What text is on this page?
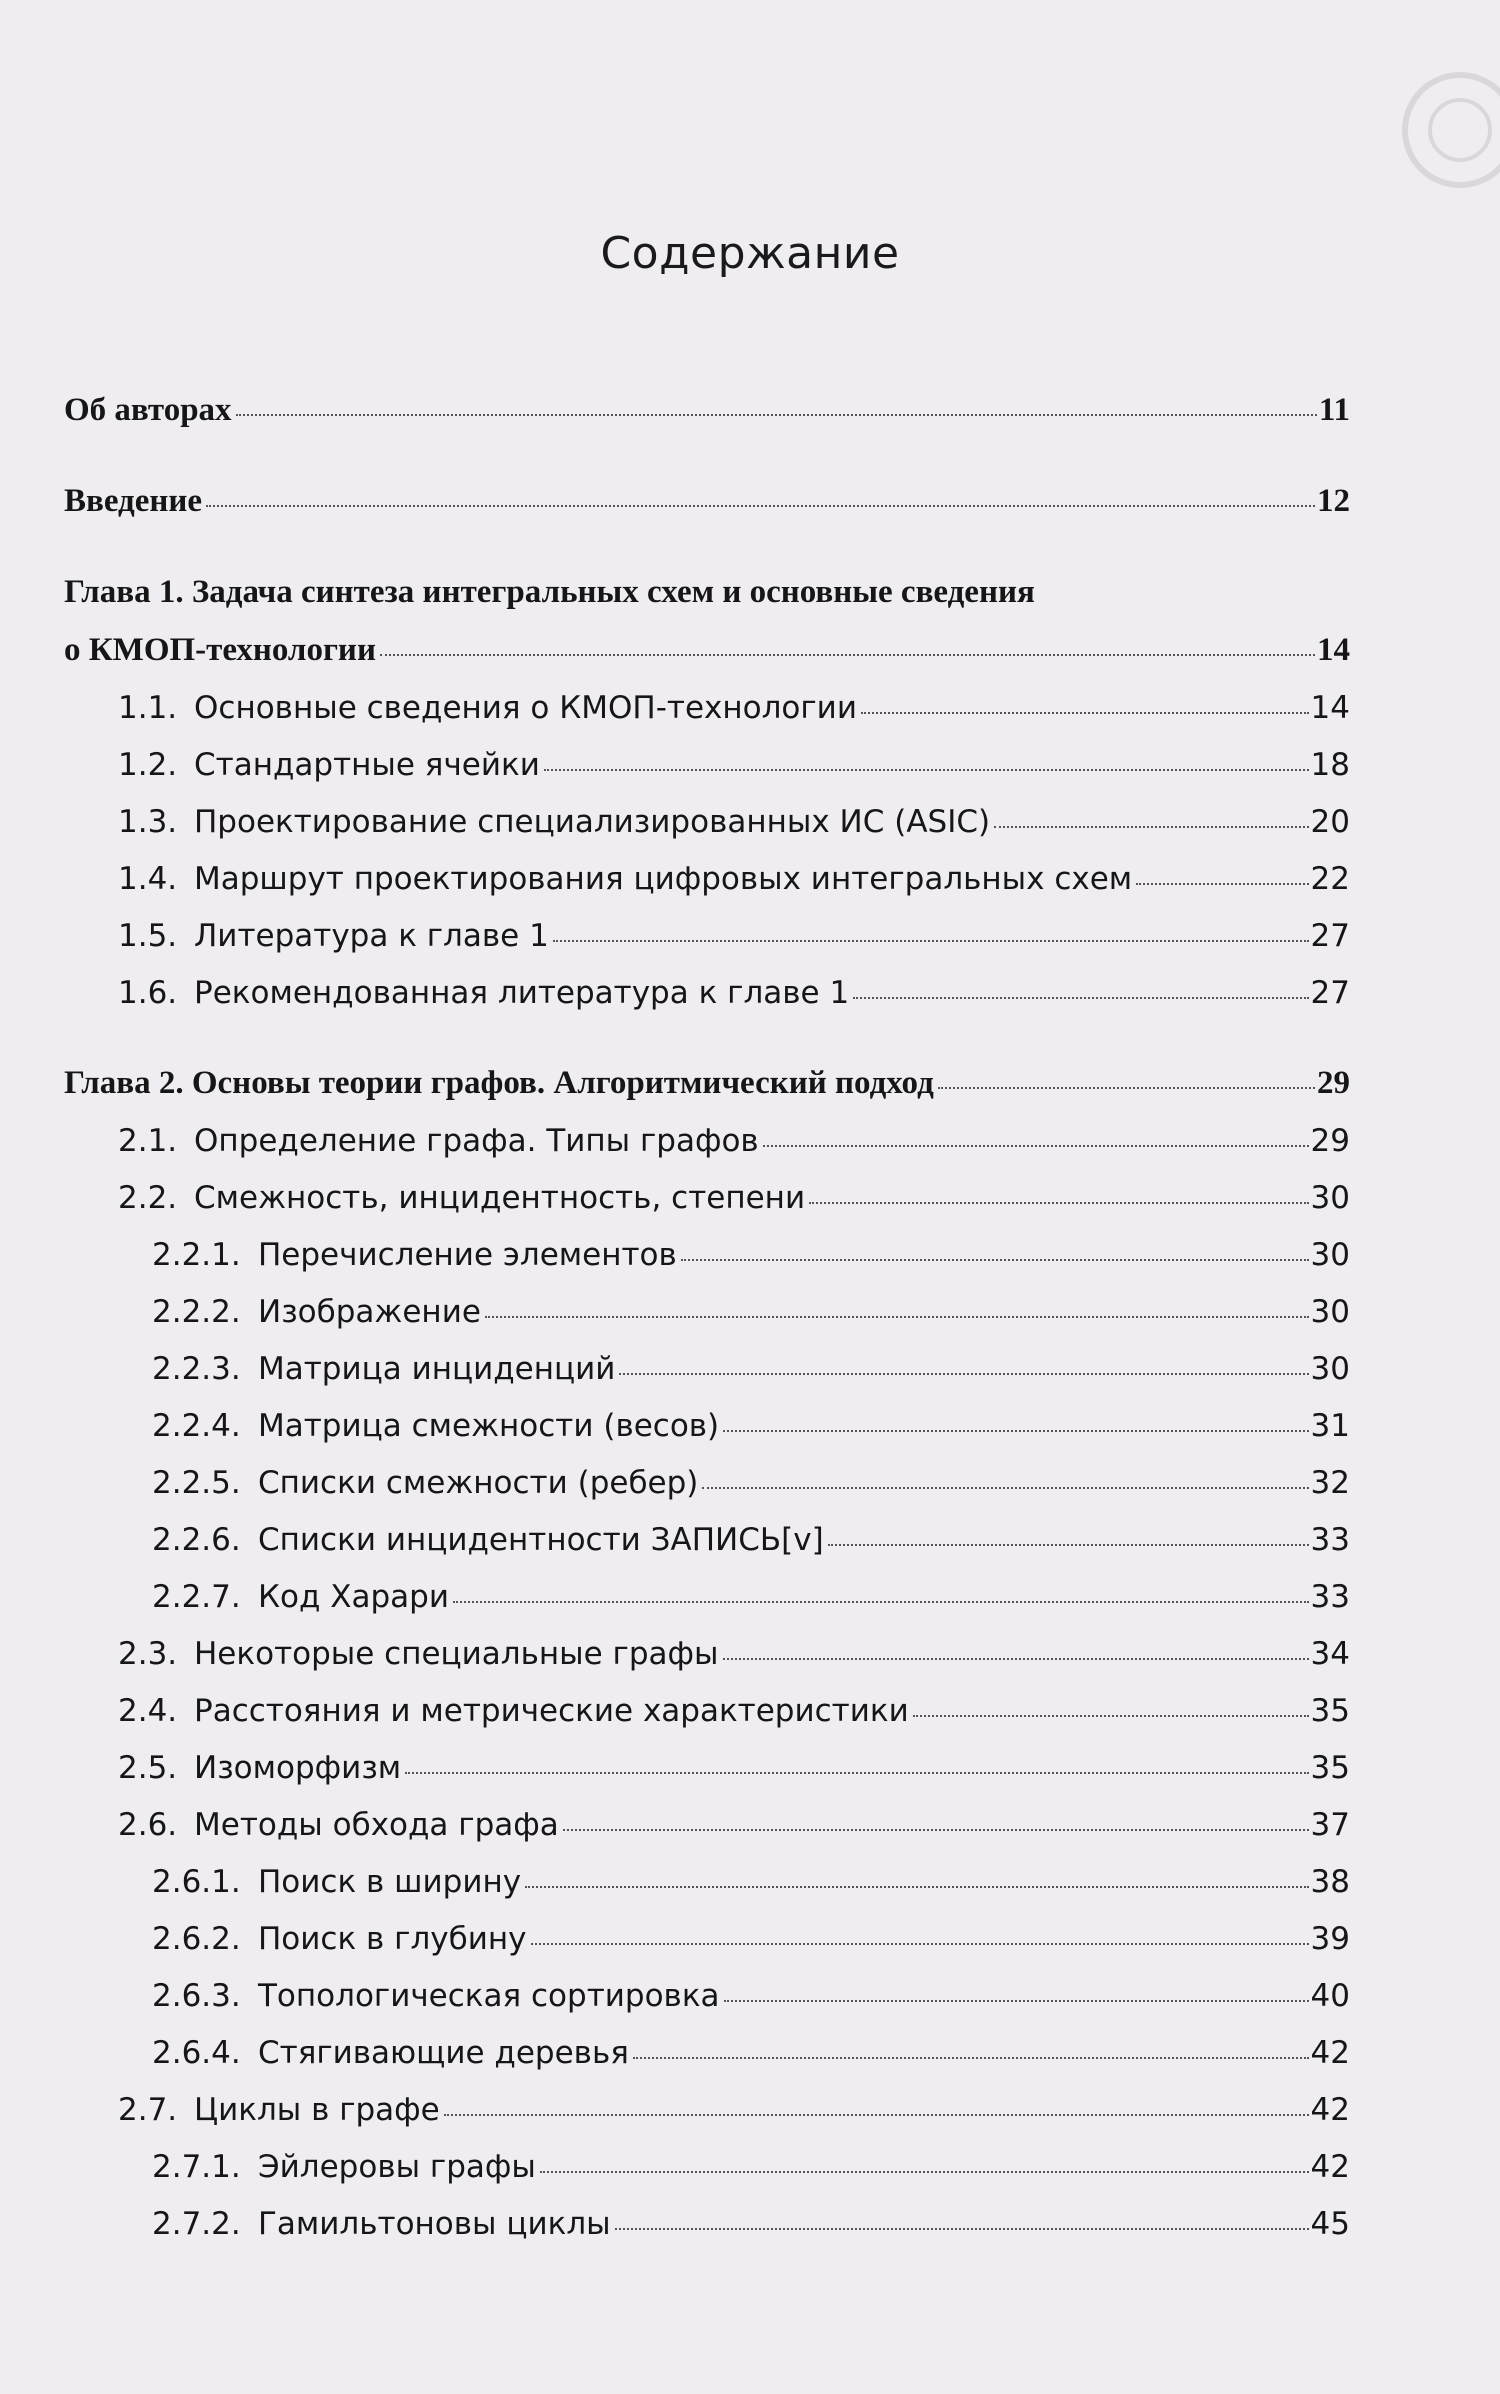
Содержание
Об авторах	11
Введение	12
Глава 1. Задача синтеза интегральных схем и основные сведения
о КМОП-технологии	14
1.1. Основные сведения о КМОП-технологии	14
1.2. Стандартные ячейки	18
1.3. Проектирование специализированных ИС (ASIC)	20
1.4. Маршрут проектирования цифровых интегральных схем	22
1.5. Литература к главе 1	27
1.6. Рекомендованная литература к главе 1	27
Глава 2. Основы теории графов. Алгоритмический подход	29
2.1. Определение графа. Типы графов	29
2.2. Смежность, инцидентность, степени	30
2.2.1. Перечисление элементов	30
2.2.2. Изображение	30
2.2.3. Матрица инциденций	30
2.2.4. Матрица смежности (весов)	31
2.2.5. Списки смежности (ребер)	32
2.2.6. Списки инцидентности ЗАПИСЬ[v]	33
2.2.7. Код Харари	33
2.3. Некоторые специальные графы	34
2.4. Расстояния и метрические характеристики	35
2.5. Изоморфизм	35
2.6. Методы обхода графа	37
2.6.1. Поиск в ширину	38
2.6.2. Поиск в глубину	39
2.6.3. Топологическая сортировка	40
2.6.4. Стягивающие деревья	42
2.7. Циклы в графе	42
2.7.1. Эйлеровы графы	42
2.7.2. Гамильтоновы циклы	45
